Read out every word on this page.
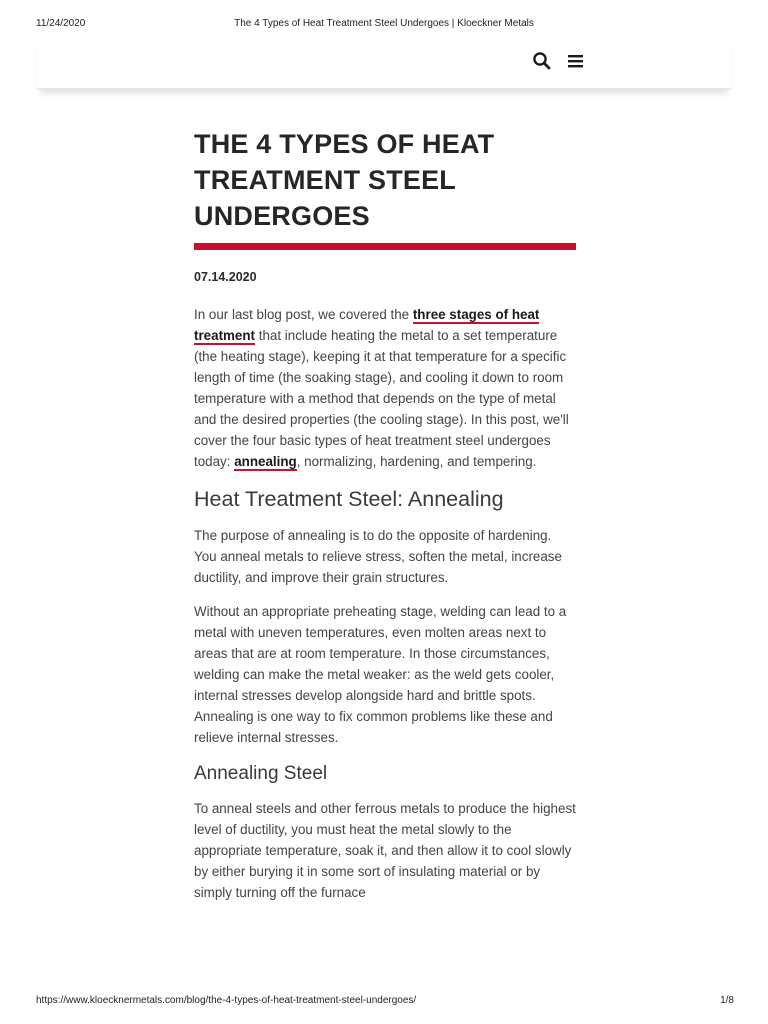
11/24/2020	The 4 Types of Heat Treatment Steel Undergoes | Kloeckner Metals
THE 4 TYPES OF HEAT TREATMENT STEEL UNDERGOES
07.14.2020

In our last blog post, we covered the three stages of heat treatment that include heating the metal to a set temperature (the heating stage), keeping it at that temperature for a specific length of time (the soaking stage), and cooling it down to room temperature with a method that depends on the type of metal and the desired properties (the cooling stage). In this post, we'll cover the four basic types of heat treatment steel undergoes today: annealing, normalizing, hardening, and tempering.

Heat Treatment Steel: Annealing

The purpose of annealing is to do the opposite of hardening. You anneal metals to relieve stress, soften the metal, increase ductility, and improve their grain structures.

Without an appropriate preheating stage, welding can lead to a metal with uneven temperatures, even molten areas next to areas that are at room temperature. In those circumstances, welding can make the metal weaker: as the weld gets cooler, internal stresses develop alongside hard and brittle spots. Annealing is one way to fix common problems like these and relieve internal stresses.

Annealing Steel

To anneal steels and other ferrous metals to produce the highest level of ductility, you must heat the metal slowly to the appropriate temperature, soak it, and then allow it to cool slowly by either burying it in some sort of insulating material or by simply turning off the furnace

https://www.kloecknermetals.com/blog/the-4-types-of-heat-treatment-steel-undergoes/	1/8
